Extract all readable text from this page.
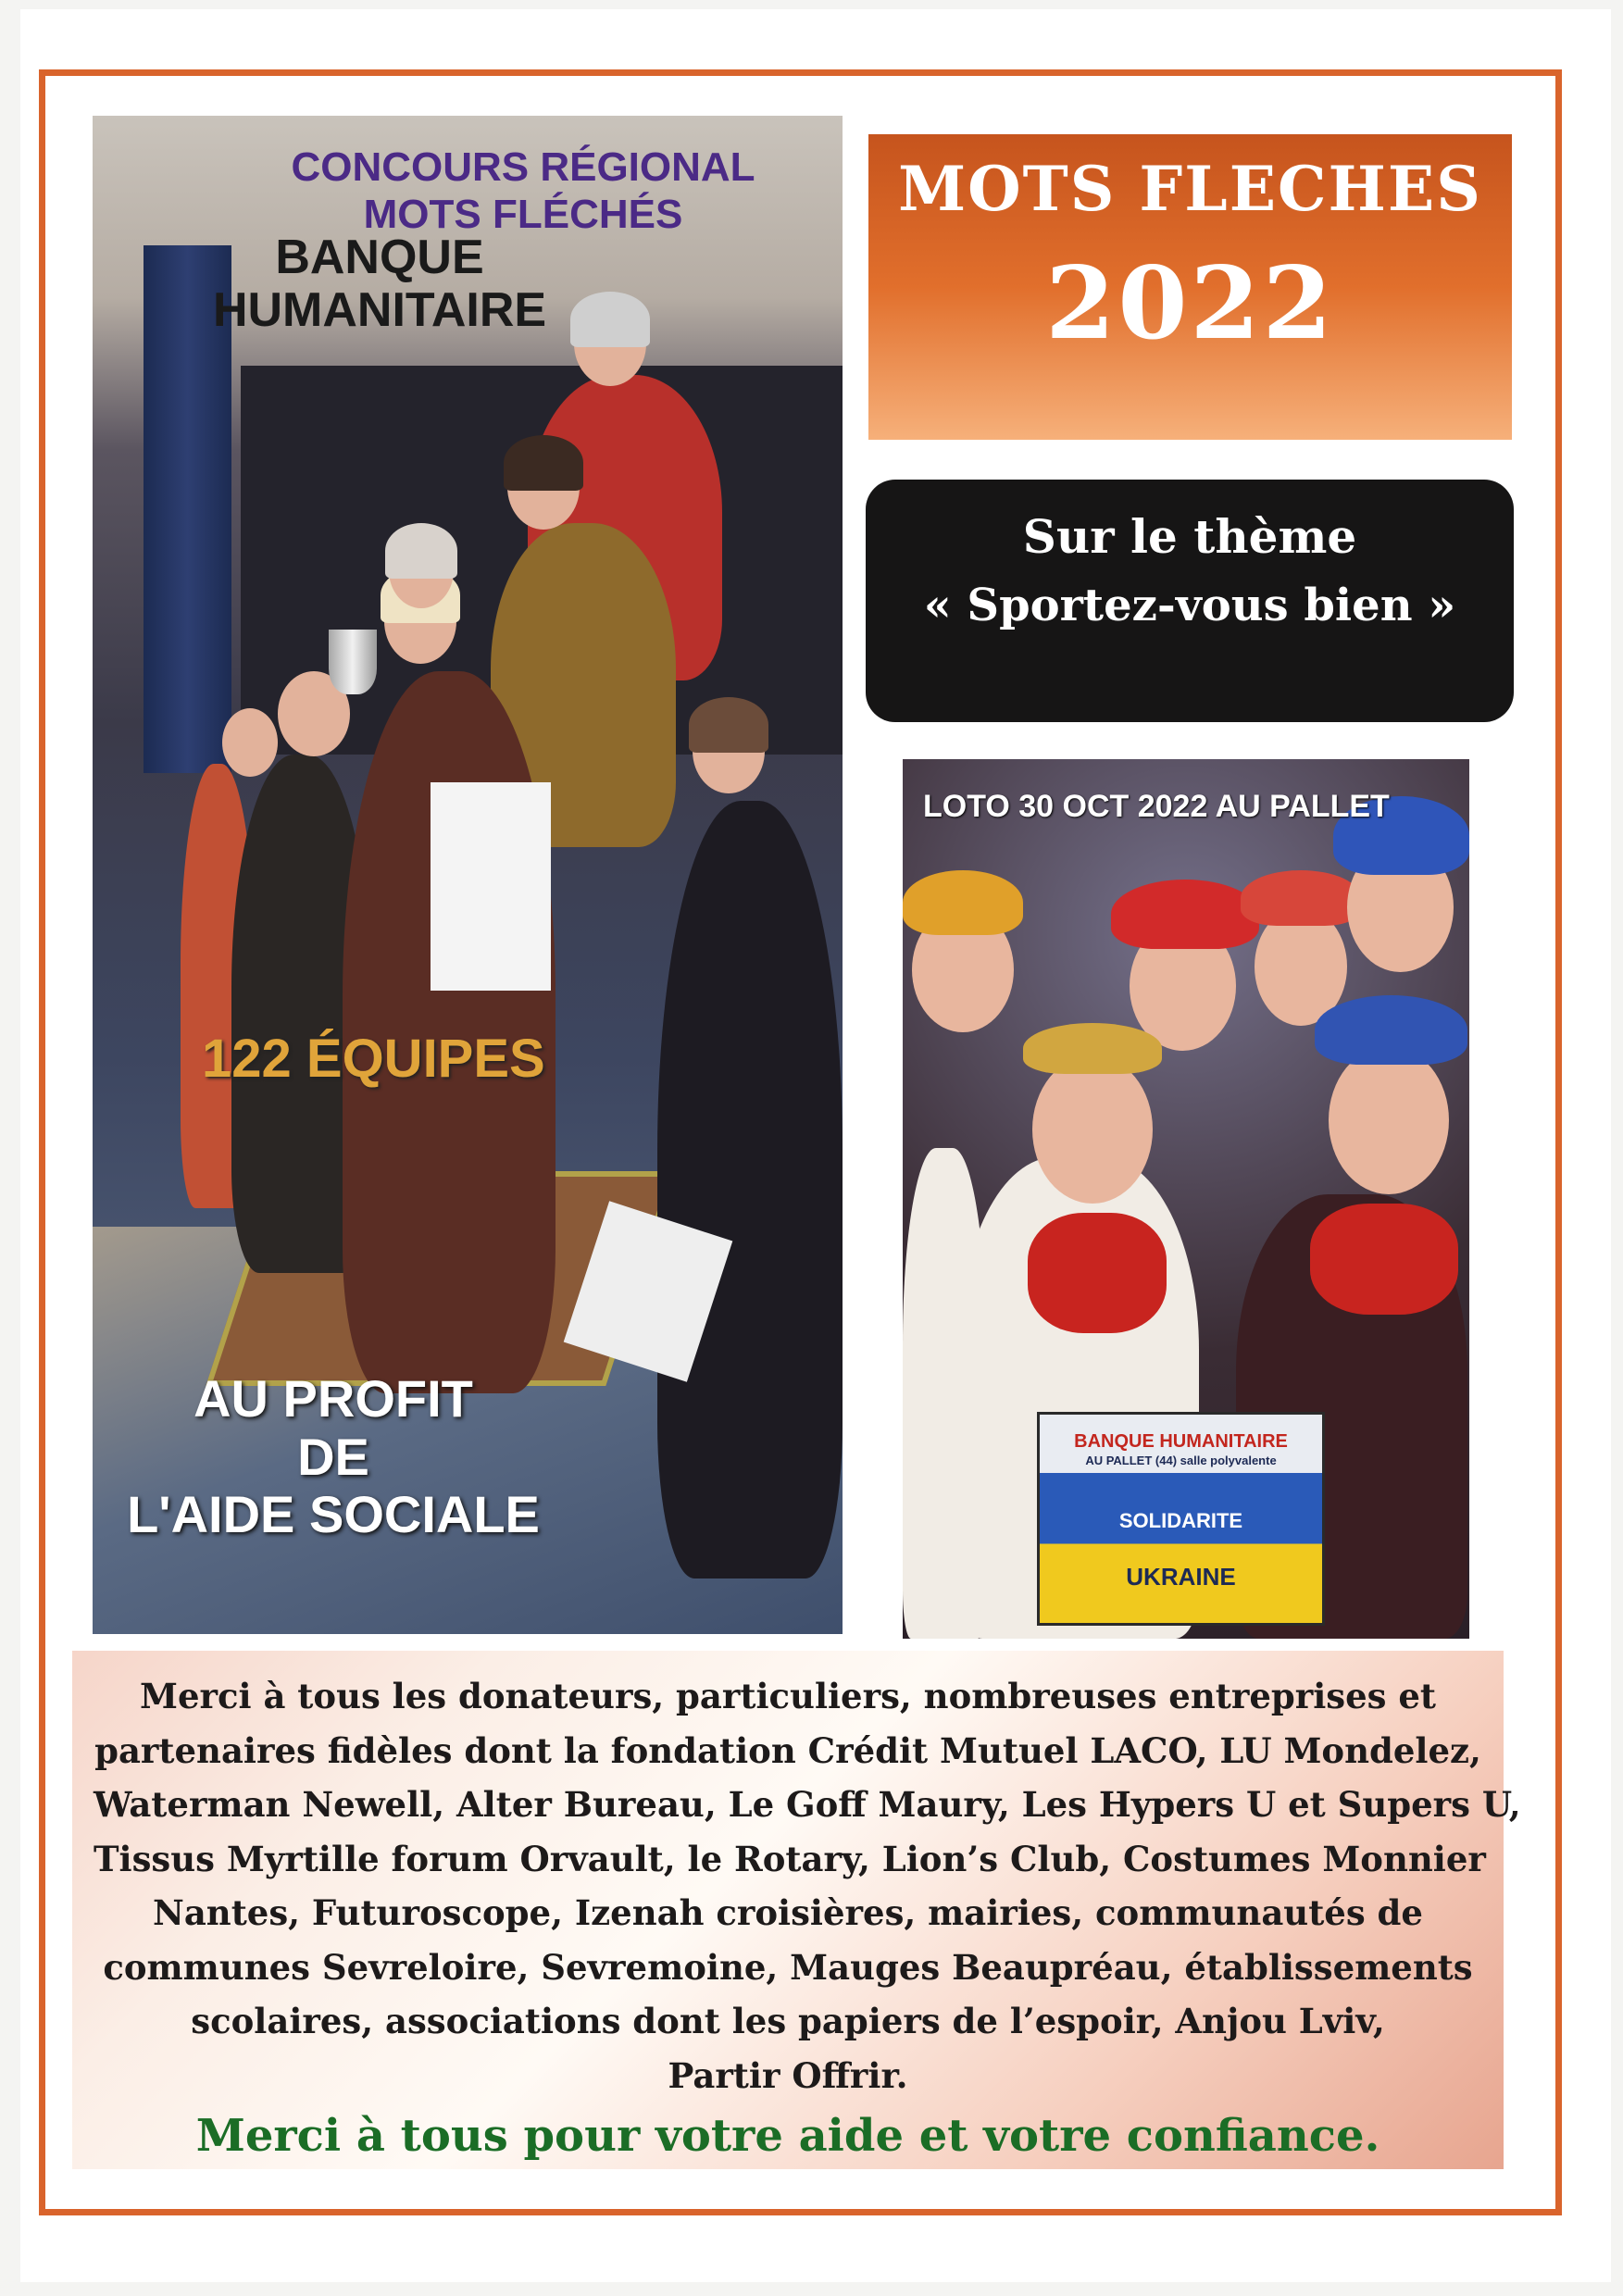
CONCOURS RÉGIONAL
MOTS FLÉCHÉS
BANQUE
HUMANITAIRE
122 ÉQUIPES
AU PROFIT
DE
L'AIDE SOCIALE
MOTS FLECHES
2022
Sur le thème
« Sportez-vous bien »
LOTO 30 OCT 2022 AU PALLET
BANQUE HUMANITAIRE
AU PALLET (44) salle polyvalente
SOLIDARITE
UKRAINE
Merci à tous les donateurs, particuliers, nombreuses entreprises et
partenaires fidèles dont la fondation Crédit Mutuel LACO, LU Mondelez,
Waterman Newell, Alter Bureau, Le Goff Maury, Les Hypers U et Supers U,
Tissus Myrtille forum Orvault, le Rotary, Lion’s Club, Costumes Monnier
Nantes, Futuroscope, Izenah croisières, mairies, communautés de
communes Sevreloire, Sevremoine, Mauges Beaupréau, établissements
scolaires, associations dont les papiers de l’espoir, Anjou Lviv,
Partir Offrir.
Merci à tous pour votre aide et votre confiance.
